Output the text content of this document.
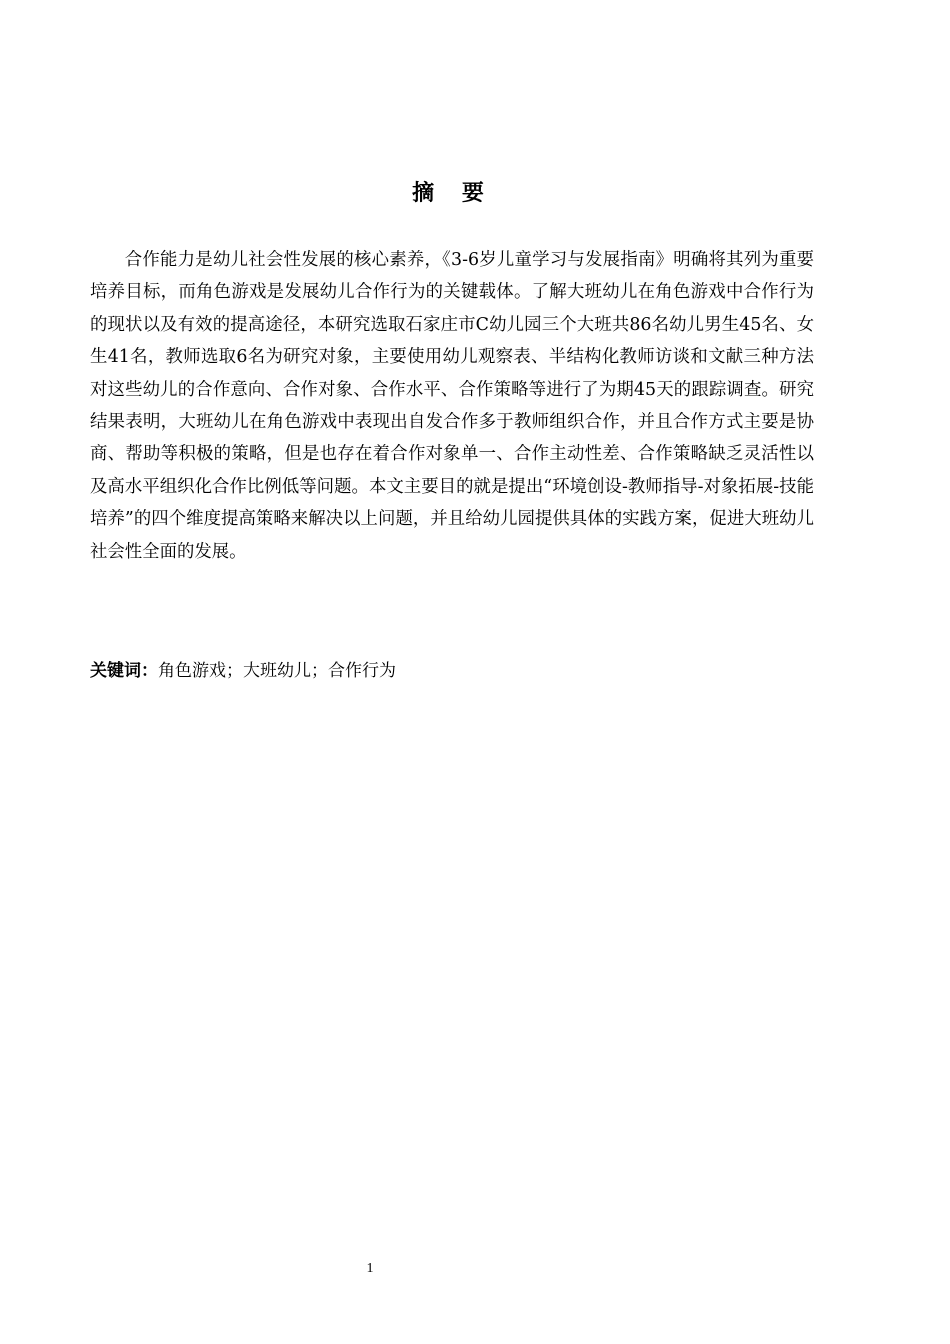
摘 要

合作能力是幼儿社会性发展的核心素养，《3-6岁儿童学习与发展指南》明确将其列为重要培养目标，而角色游戏是发展幼儿合作行为的关键载体。了解大班幼儿在角色游戏中合作行为的现状以及有效的提高途径，本研究选取石家庄市C幼儿园三个大班共86名幼儿男生45名、女生41名，教师选取6名为研究对象，主要使用幼儿观察表、半结构化教师访谈和文献三种方法对这些幼儿的合作意向、合作对象、合作水平、合作策略等进行了为期45天的跟踪调查。研究结果表明，大班幼儿在角色游戏中表现出自发合作多于教师组织合作，并且合作方式主要是协商、帮助等积极的策略，但是也存在着合作对象单一、合作主动性差、合作策略缺乏灵活性以及高水平组织化合作比例低等问题。本文主要目的就是提出“环境创设-教师指导-对象拓展-技能培养”的四个维度提高策略来解决以上问题，并且给幼儿园提供具体的实践方案，促进大班幼儿社会性全面的发展。

关键词：角色游戏；大班幼儿；合作行为

1
